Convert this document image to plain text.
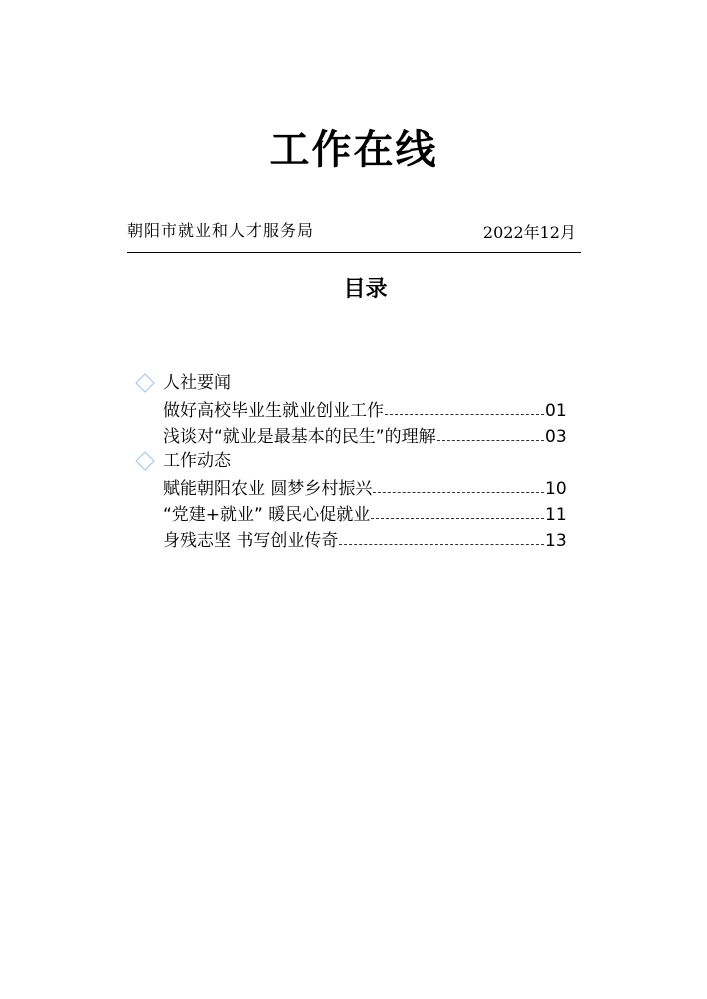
工作在线
朝阳市就业和人才服务局	2022年12月
目录
人社要闻
做好高校毕业生就业创业工作	01
浅谈对“就业是最基本的民生”的理解	03
工作动态
赋能朝阳农业 圆梦乡村振兴	10
“党建+就业” 暖民心促就业	11
身残志坚 书写创业传奇	13
